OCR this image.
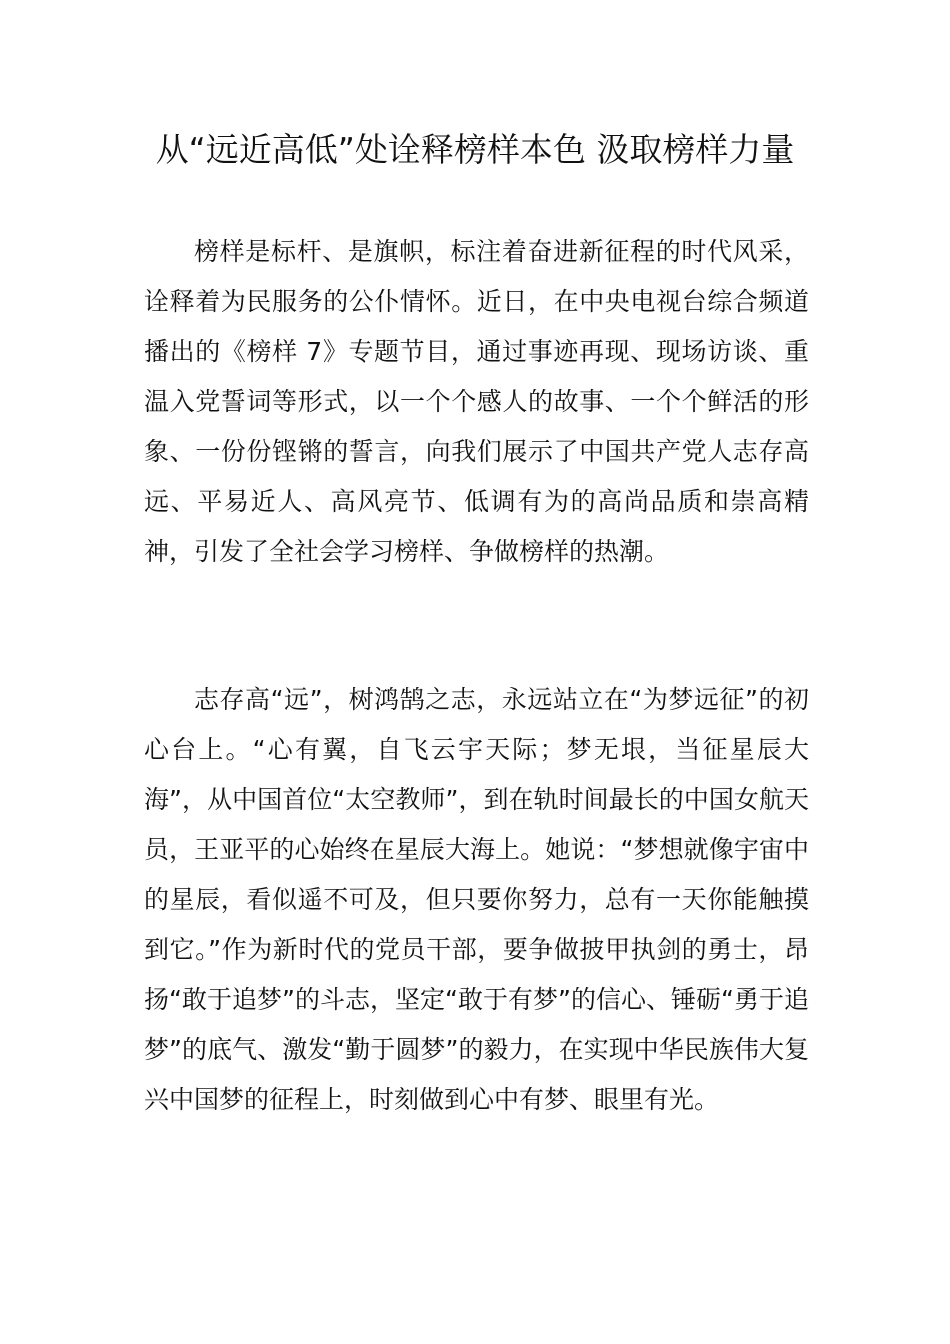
从“远近高低”处诠释榜样本色 汲取榜样力量

榜样是标杆、是旗帜，标注着奋进新征程的时代风采，诠释着为民服务的公仆情怀。近日，在中央电视台综合频道播出的《榜样 7》专题节目，通过事迹再现、现场访谈、重温入党誓词等形式，以一个个感人的故事、一个个鲜活的形象、一份份铿锵的誓言，向我们展示了中国共产党人志存高远、平易近人、高风亮节、低调有为的高尚品质和崇高精神，引发了全社会学习榜样、争做榜样的热潮。

志存高“远”，树鸿鹄之志，永远站立在“为梦远征”的初心台上。“心有翼，自飞云宇天际；梦无垠，当征星辰大海”，从中国首位“太空教师”，到在轨时间最长的中国女航天员，王亚平的心始终在星辰大海上。她说：“梦想就像宇宙中的星辰，看似遥不可及，但只要你努力，总有一天你能触摸到它。”作为新时代的党员干部，要争做披甲执剑的勇士，昂扬“敢于追梦”的斗志，坚定“敢于有梦”的信心、锤砺“勇于追梦”的底气、激发“勤于圆梦”的毅力，在实现中华民族伟大复兴中国梦的征程上，时刻做到心中有梦、眼里有光。
